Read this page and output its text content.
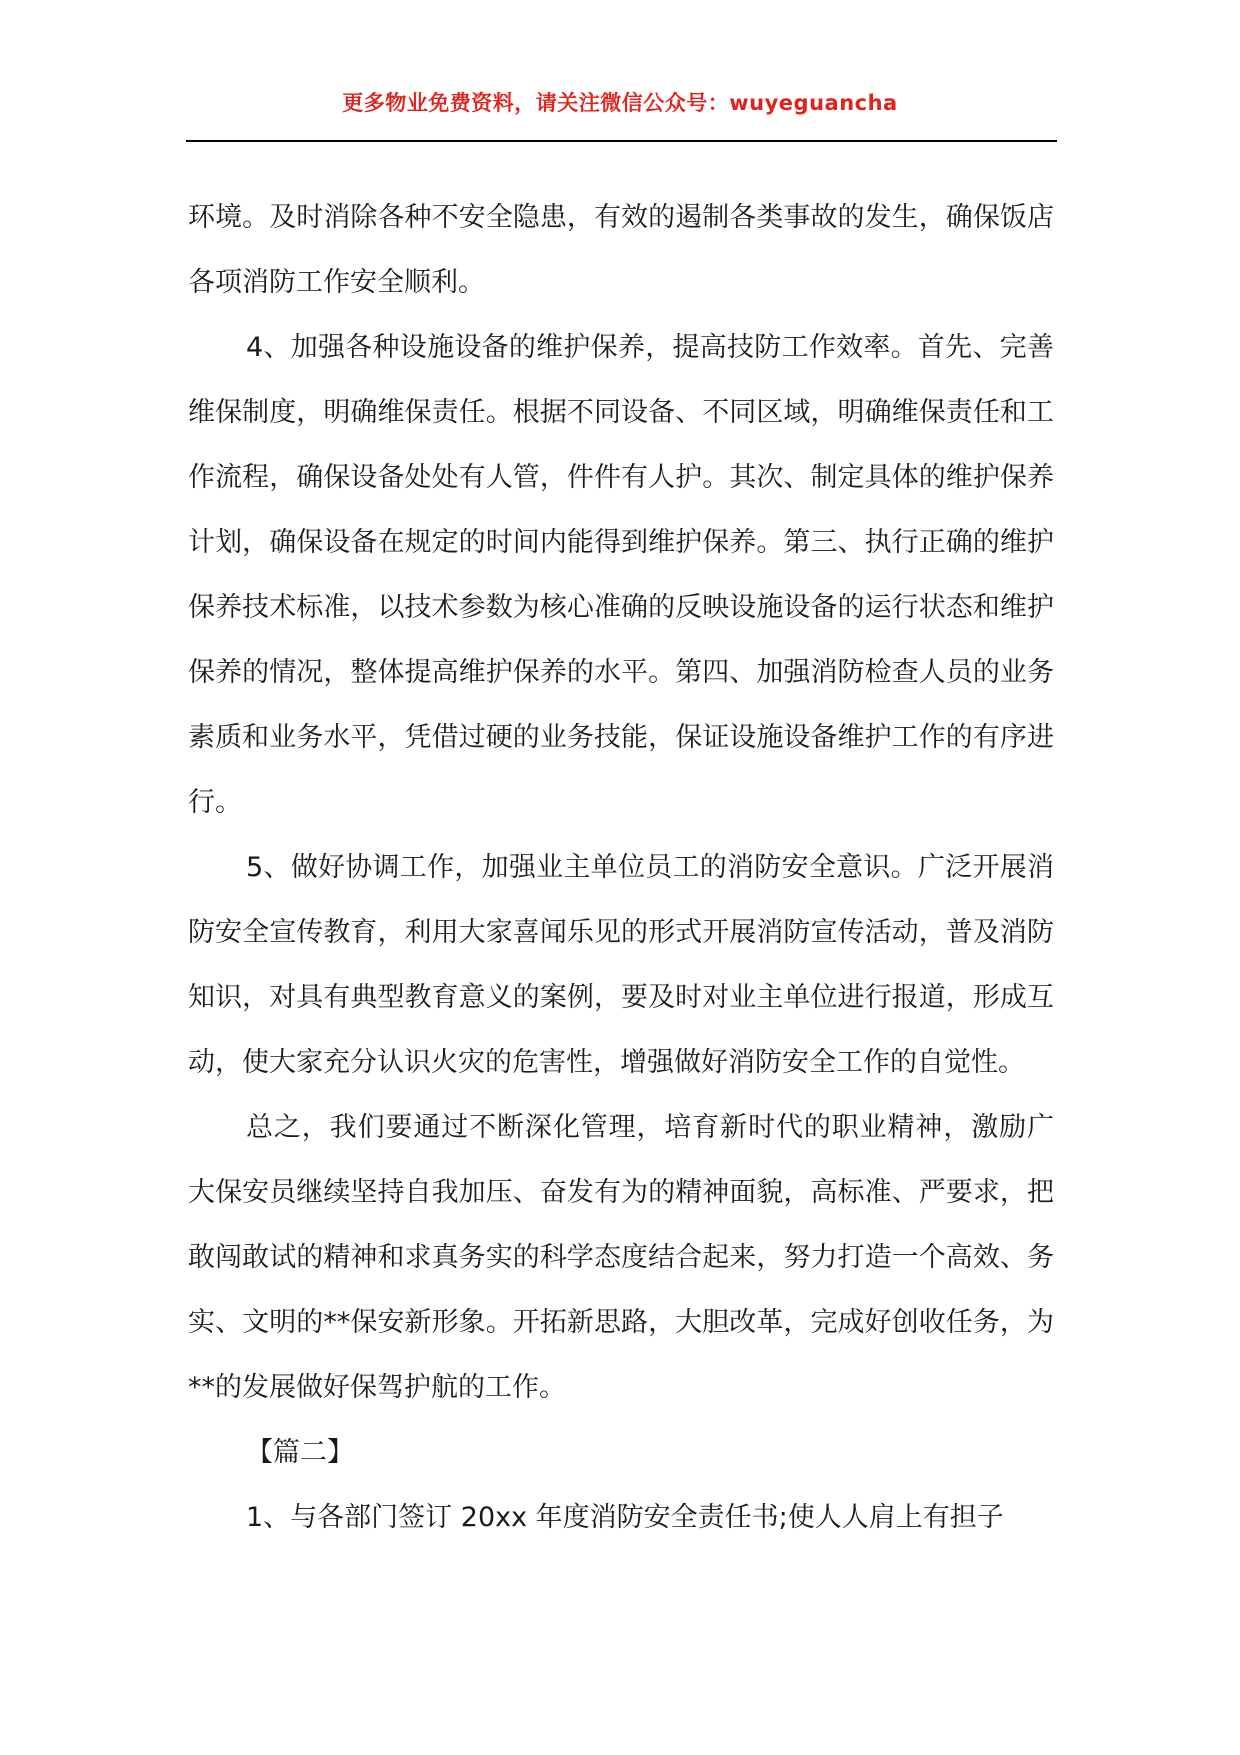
更多物业免费资料，请关注微信公众号：wuyeguancha

环境。及时消除各种不安全隐患，有效的遏制各类事故的发生，确保饭店各项消防工作安全顺利。

4、加强各种设施设备的维护保养，提高技防工作效率。首先、完善维保制度，明确维保责任。根据不同设备、不同区域，明确维保责任和工作流程，确保设备处处有人管，件件有人护。其次、制定具体的维护保养计划，确保设备在规定的时间内能得到维护保养。第三、执行正确的维护保养技术标准，以技术参数为核心准确的反映设施设备的运行状态和维护保养的情况，整体提高维护保养的水平。第四、加强消防检查人员的业务素质和业务水平，凭借过硬的业务技能，保证设施设备维护工作的有序进行。

5、做好协调工作，加强业主单位员工的消防安全意识。广泛开展消防安全宣传教育，利用大家喜闻乐见的形式开展消防宣传活动，普及消防知识，对具有典型教育意义的案例，要及时对业主单位进行报道，形成互动，使大家充分认识火灾的危害性，增强做好消防安全工作的自觉性。

总之，我们要通过不断深化管理，培育新时代的职业精神，激励广大保安员继续坚持自我加压、奋发有为的精神面貌，高标准、严要求，把敢闯敢试的精神和求真务实的科学态度结合起来，努力打造一个高效、务实、文明的**保安新形象。开拓新思路，大胆改革，完成好创收任务，为**的发展做好保驾护航的工作。

【篇二】

1、与各部门签订 20xx 年度消防安全责任书;使人人肩上有担子
